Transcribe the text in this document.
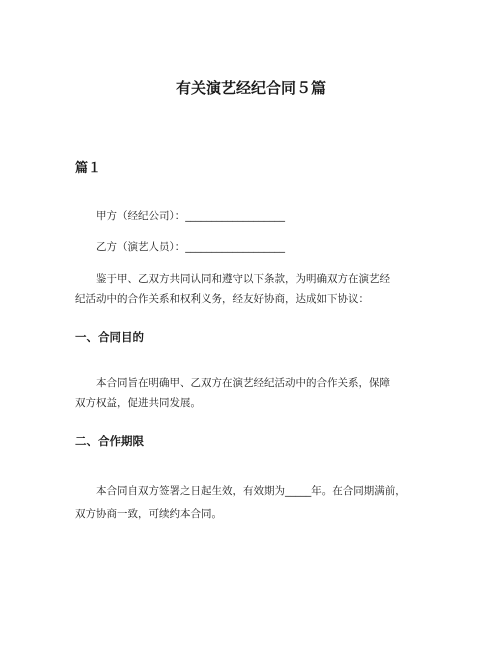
有关演艺经纪合同５篇
篇１
甲方（经纪公司）：___________________
乙方（演艺人员）：___________________
鉴于甲、乙双方共同认同和遵守以下条款，为明确双方在演艺经
纪活动中的合作关系和权利义务，经友好协商，达成如下协议：
一、合同目的
本合同旨在明确甲、乙双方在演艺经纪活动中的合作关系，保障
双方权益，促进共同发展。
二、合作期限
本合同自双方签署之日起生效，有效期为_____年。在合同期满前，
双方协商一致，可续约本合同。
